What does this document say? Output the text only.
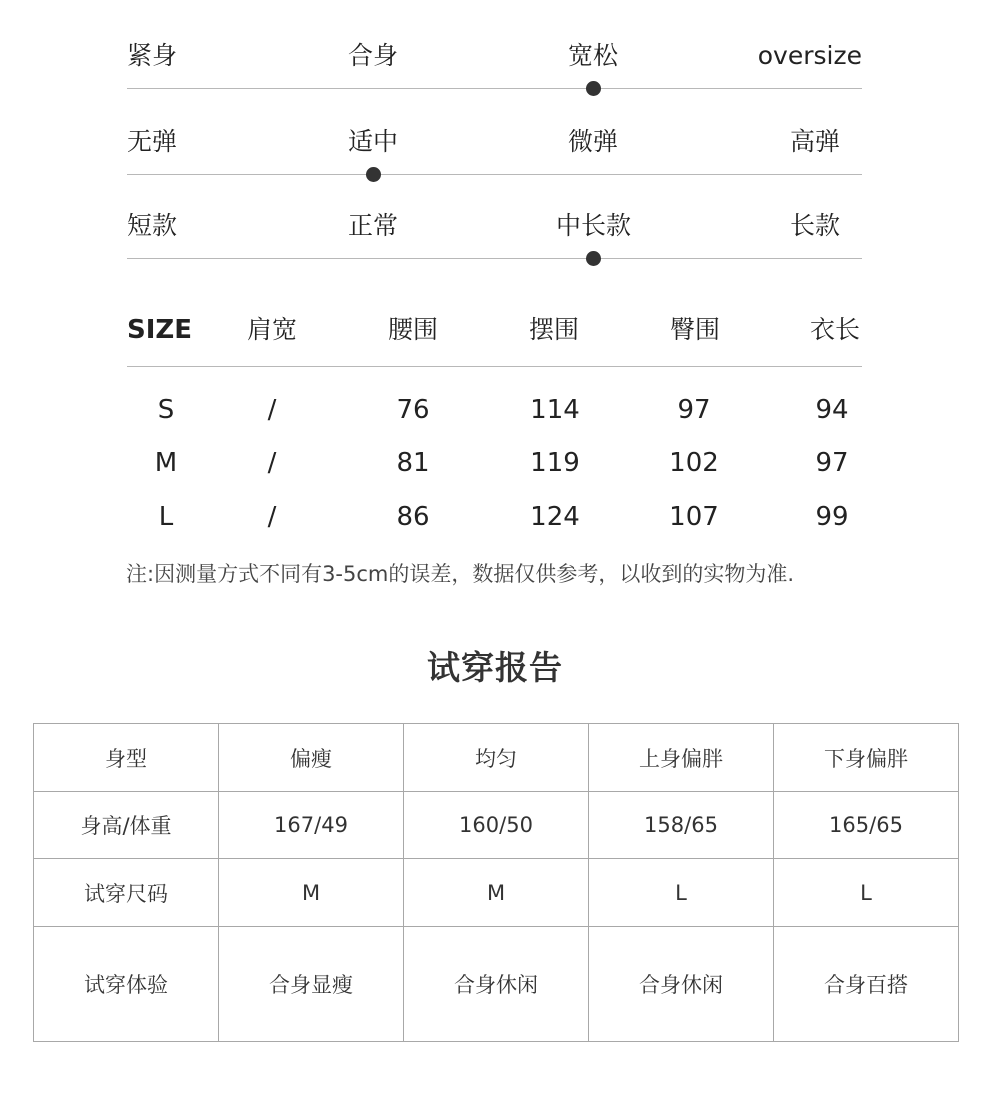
紧身	合身	宽松	oversize
无弹	适中	微弹	高弹
短款	正常	中长款	长款
SIZE 肩宽	腰围	摆围	臀围	衣长
S	/	76	114	97	94
M	/	81	119	102	97
L	/	86	124	107	99
注:因测量方式不同有3-5cm的误差，数据仅供参考，以收到的实物为准.
试穿报告
身型	偏瘦	均匀	上身偏胖	下身偏胖
身高/体重	167/49	160/50	158/65	165/65
试穿尺码	M	M	L	L
试穿体验	合身显瘦	合身休闲	合身休闲	合身百搭
